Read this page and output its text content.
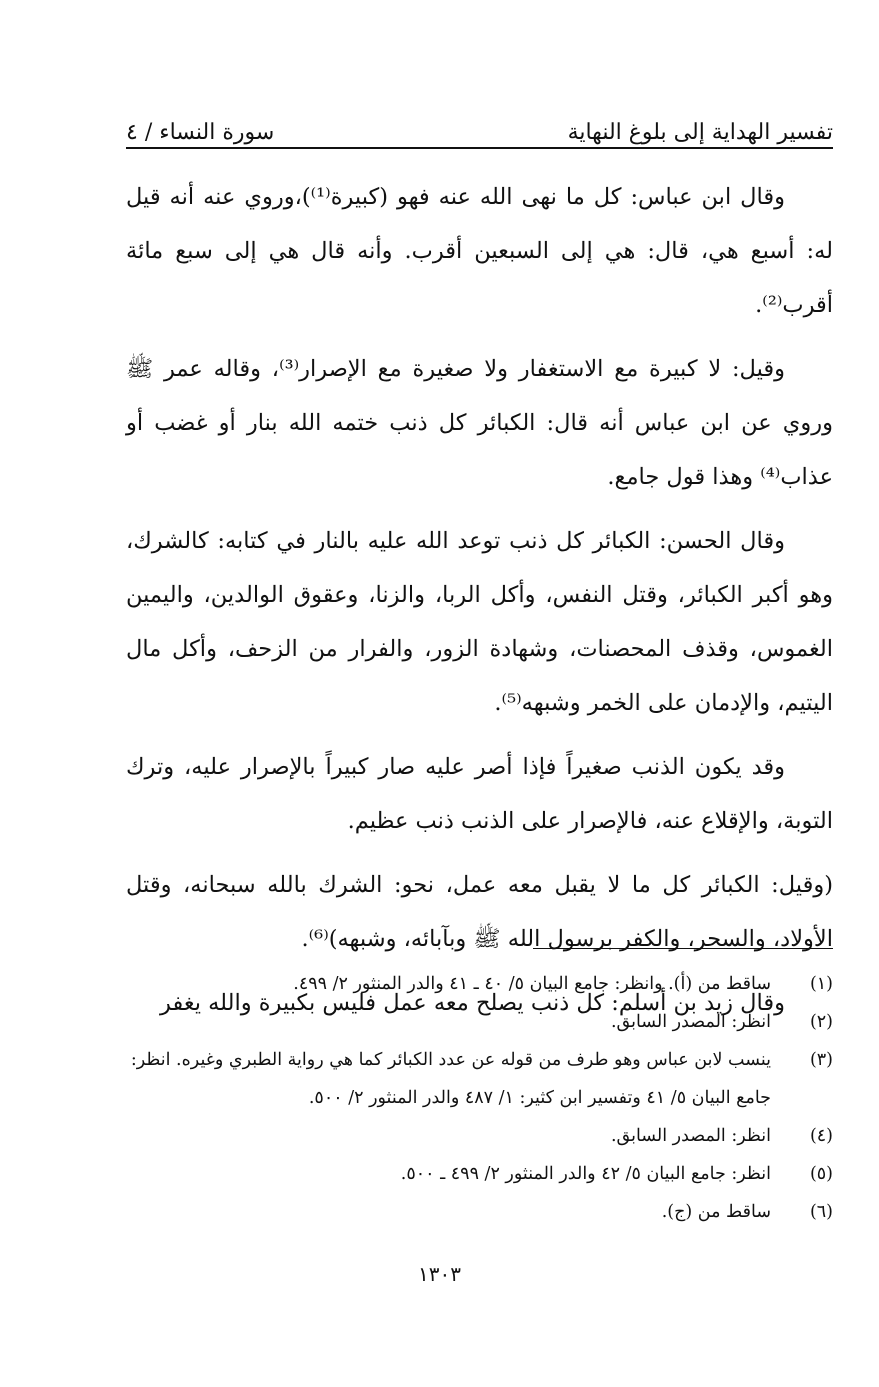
تفسير الهداية إلى بلوغ النهاية
سورة النساء / ٤

وقال ابن عباس: كل ما نهى الله عنه فهو (كبيرة⁽¹⁾)،وروي عنه أنه قيل له: أسبع هي، قال: هي إلى السبعين أقرب. وأنه قال هي إلى سبع مائة أقرب⁽²⁾.

وقيل: لا كبيرة مع الاستغفار ولا صغيرة مع الإصرار⁽³⁾، وقاله عمر ﷺ وروي عن ابن عباس أنه قال: الكبائر كل ذنب ختمه الله بنار أو غضب أو عذاب⁽⁴⁾ وهذا قول جامع.

وقال الحسن: الكبائر كل ذنب توعد الله عليه بالنار في كتابه: كالشرك، وهو أكبر الكبائر، وقتل النفس، وأكل الربا، والزنا، وعقوق الوالدين، واليمين الغموس، وقذف المحصنات، وشهادة الزور، والفرار من الزحف، وأكل مال اليتيم، والإدمان على الخمر وشبهه⁽⁵⁾.

وقد يكون الذنب صغيراً فإذا أصر عليه صار كبيراً بالإصرار عليه، وترك التوبة، والإقلاع عنه، فالإصرار على الذنب ذنب عظيم.

(وقيل: الكبائر كل ما لا يقبل معه عمل، نحو: الشرك بالله سبحانه، وقتل الأولاد، والسحر، والكفر برسول الله ﷺ وبآبائه، وشبهه)⁽⁶⁾.

وقال زيد بن أسلم: كل ذنب يصلح معه عمل فليس بكبيرة والله يغفر

(١)
ساقط من (أ). وانظر: جامع البيان ٥/ ٤٠ ـ ٤١ والدر المنثور ٢/ ٤٩٩.
(٢)
انظر: المصدر السابق.
(٣)
ينسب لابن عباس وهو طرف من قوله عن عدد الكبائر كما هي رواية الطبري وغيره. انظر: جامع البيان ٥/ ٤١ وتفسير ابن كثير: ١/ ٤٨٧ والدر المنثور ٢/ ٥٠٠.
(٤)
انظر: المصدر السابق.
(٥)
انظر: جامع البيان ٥/ ٤٢ والدر المنثور ٢/ ٤٩٩ ـ ٥٠٠.
(٦)
ساقط من (ج).
١٣٠٣
